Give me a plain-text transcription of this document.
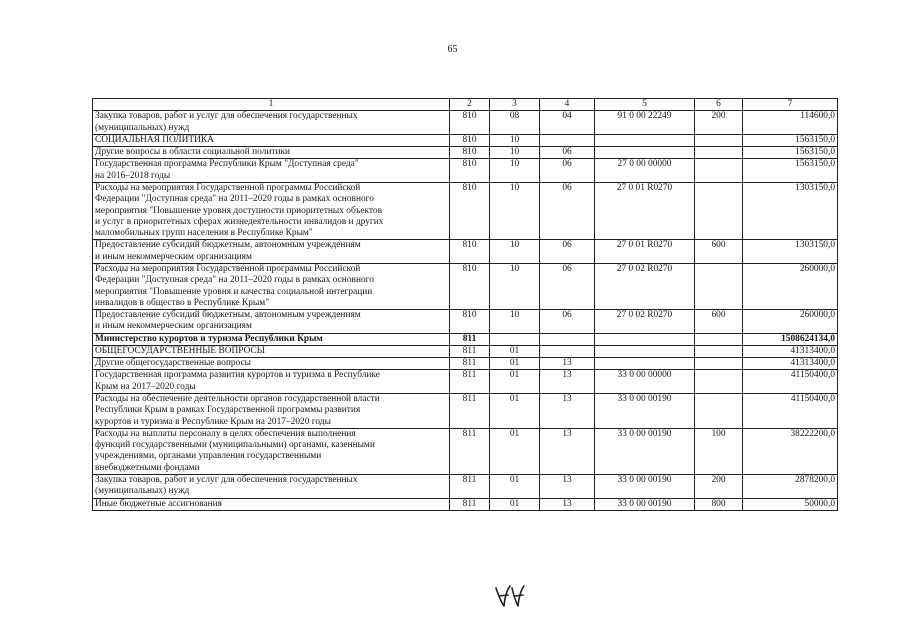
65
1	2	3	4	5	6	7
Закупка товаров, работ и услуг для обеспечения государственных
(муниципальных) нужд	810	08	04	91 0 00 22249	200	114600,0
СОЦИАЛЬНАЯ ПОЛИТИКА	810	10				1563150,0
Другие вопросы в области социальной политики	810	10	06			1563150,0
Государственная программа Республики Крым "Доступная среда"
на 2016–2018 годы	810	10	06	27 0 00 00000		1563150,0
Расходы на мероприятия Государственной программы Российской
Федерации "Доступная среда" на 2011–2020 годы в рамках основного
мероприятия "Повышение уровня доступности приоритетных объектов
и услуг в приоритетных сферах жизнедеятельности инвалидов и других
маломобильных групп населения в Республике Крым"	810	10	06	27 0 01 R0270		1303150,0
Предоставление субсидий бюджетным, автономным учреждениям
и иным некоммерческим организациям	810	10	06	27 0 01 R0270	600	1303150,0
Расходы на мероприятия Государственной программы Российской
Федерации "Доступная среда" на 2011–2020 годы в рамках основного
мероприятия "Повышение уровня и качества социальной интеграции
инвалидов в общество в Республике Крым"	810	10	06	27 0 02 R0270		260000,0
Предоставление субсидий бюджетным, автономным учреждениям
и иным некоммерческим организациям	810	10	06	27 0 02 R0270	600	260000,0
Министерство курортов и туризма Республики Крым	811					1508624134,0
ОБЩЕГОСУДАРСТВЕННЫЕ ВОПРОСЫ	811	01				41313400,0
Другие общегосударственные вопросы	811	01	13			41313400,0
Государственная программа развития курортов и туризма в Республике
Крым на 2017–2020 годы	811	01	13	33 0 00 00000		41150400,0
Расходы на обеспечение деятельности органов государственной власти
Республики Крым в рамках Государственной программы развития
курортов и туризма в Республике Крым на 2017–2020 годы	811	01	13	33 0 00 00190		41150400,0
Расходы на выплаты персоналу в целях обеспечения выполнения
функций государственными (муниципальными) органами, казенными
учреждениями, органами управления государственными
внебюджетными фондами	811	01	13	33 0 00 00190	100	38222200,0
Закупка товаров, работ и услуг для обеспечения государственных
(муниципальных) нужд	811	01	13	33 0 00 00190	200	2878200,0
Иные бюджетные ассигнования	811	01	13	33 0 00 00190	800	50000,0
